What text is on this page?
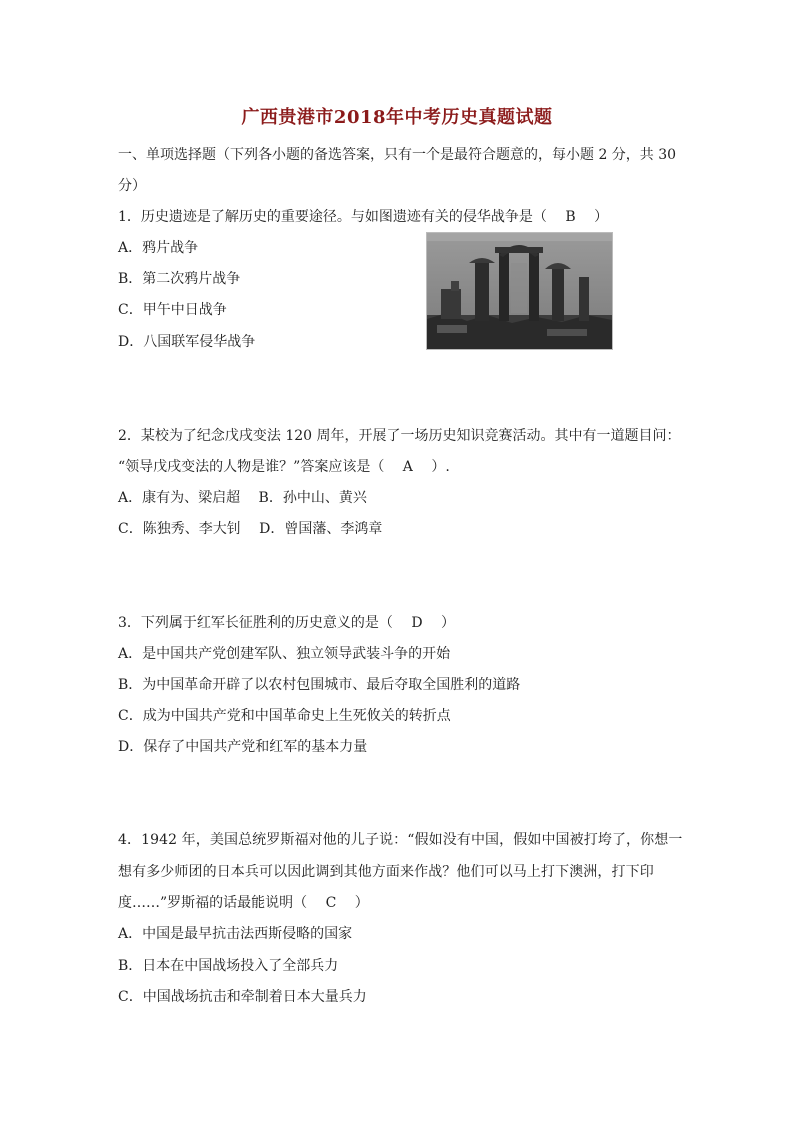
广西贵港市2018年中考历史真题试题
一、单项选择题（下列各小题的备选答案，只有一个是最符合题意的，每小题 2 分，共 30
分）
1．历史遗迹是了解历史的重要途径。与如图遗迹有关的侵华战争是（　 B　 ）
A．鸦片战争
B．第二次鸦片战争
C．甲午中日战争
D．八国联军侵华战争
2．某校为了纪念戊戌变法 120 周年，开展了一场历史知识竞赛活动。其中有一道题目问：
“领导戊戌变法的人物是谁？”答案应该是（　 A　 ）.
A．康有为、梁启超　 B．孙中山、黄兴
C．陈独秀、李大钊　 D．曾国藩、李鸿章
3．下列属于红军长征胜利的历史意义的是（　 D　 ）
A．是中国共产党创建军队、独立领导武装斗争的开始
B．为中国革命开辟了以农村包围城市、最后夺取全国胜利的道路
C．成为中国共产党和中国革命史上生死攸关的转折点
D．保存了中国共产党和红军的基本力量
4．1942 年，美国总统罗斯福对他的儿子说：“假如没有中国，假如中国被打垮了，你想一
想有多少师团的日本兵可以因此调到其他方面来作战？他们可以马上打下澳洲，打下印
度……”罗斯福的话最能说明（　 C　 ）
A．中国是最早抗击法西斯侵略的国家
B．日本在中国战场投入了全部兵力
C．中国战场抗击和牵制着日本大量兵力
